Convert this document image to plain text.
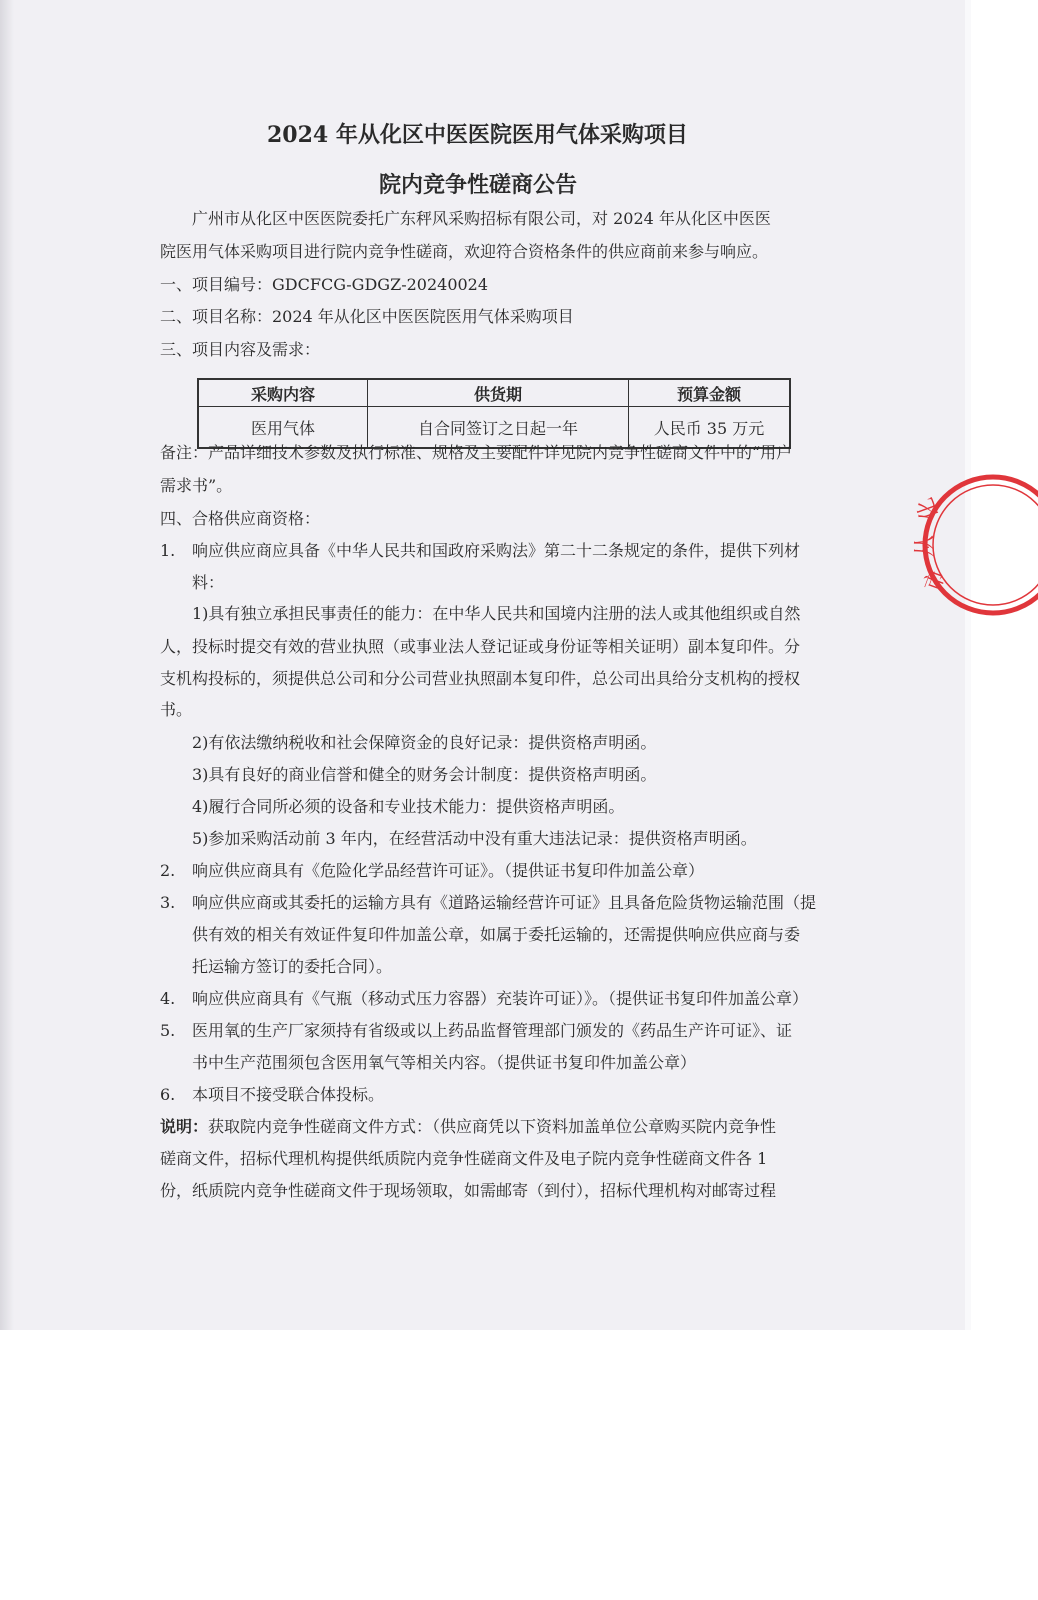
2024 年从化区中医医院医用气体采购项目
院内竞争性磋商公告
广州市从化区中医医院委托广东秤风采购招标有限公司，对 2024 年从化区中医医
院医用气体采购项目进行院内竞争性磋商，欢迎符合资格条件的供应商前来参与响应。
一、项目编号：GDCFCG-GDGZ-20240024
二、项目名称：2024 年从化区中医医院医用气体采购项目
三、项目内容及需求：
采购内容	供货期	预算金额
医用气体	自合同签订之日起一年	人民币 35 万元
备注：产品详细技术参数及执行标准、规格及主要配件详见院内竞争性磋商文件中的“用户
需求书”。
四、合格供应商资格：
1. 响应供应商应具备《中华人民共和国政府采购法》第二十二条规定的条件，提供下列材
料：
1)具有独立承担民事责任的能力：在中华人民共和国境内注册的法人或其他组织或自然
人，投标时提交有效的营业执照（或事业法人登记证或身份证等相关证明）副本复印件。分
支机构投标的，须提供总公司和分公司营业执照副本复印件，总公司出具给分支机构的授权
书。
2)有依法缴纳税收和社会保障资金的良好记录：提供资格声明函。
3)具有良好的商业信誉和健全的财务会计制度：提供资格声明函。
4)履行合同所必须的设备和专业技术能力：提供资格声明函。
5)参加采购活动前 3 年内，在经营活动中没有重大违法记录：提供资格声明函。
2. 响应供应商具有《危险化学品经营许可证》。（提供证书复印件加盖公章）
3. 响应供应商或其委托的运输方具有《道路运输经营许可证》且具备危险货物运输范围（提
供有效的相关有效证件复印件加盖公章，如属于委托运输的，还需提供响应供应商与委
托运输方签订的委托合同）。
4. 响应供应商具有《气瓶（移动式压力容器）充装许可证）》。（提供证书复印件加盖公章）
5. 医用氧的生产厂家须持有省级或以上药品监督管理部门颁发的《药品生产许可证》、证
书中生产范围须包含医用氧气等相关内容。（提供证书复印件加盖公章）
6. 本项目不接受联合体投标。
说明：获取院内竞争性磋商文件方式：（供应商凭以下资料加盖单位公章购买院内竞争性
磋商文件，招标代理机构提供纸质院内竞争性磋商文件及电子院内竞争性磋商文件各 1
份，纸质院内竞争性磋商文件于现场领取，如需邮寄（到付），招标代理机构对邮寄过程
市
从
化
